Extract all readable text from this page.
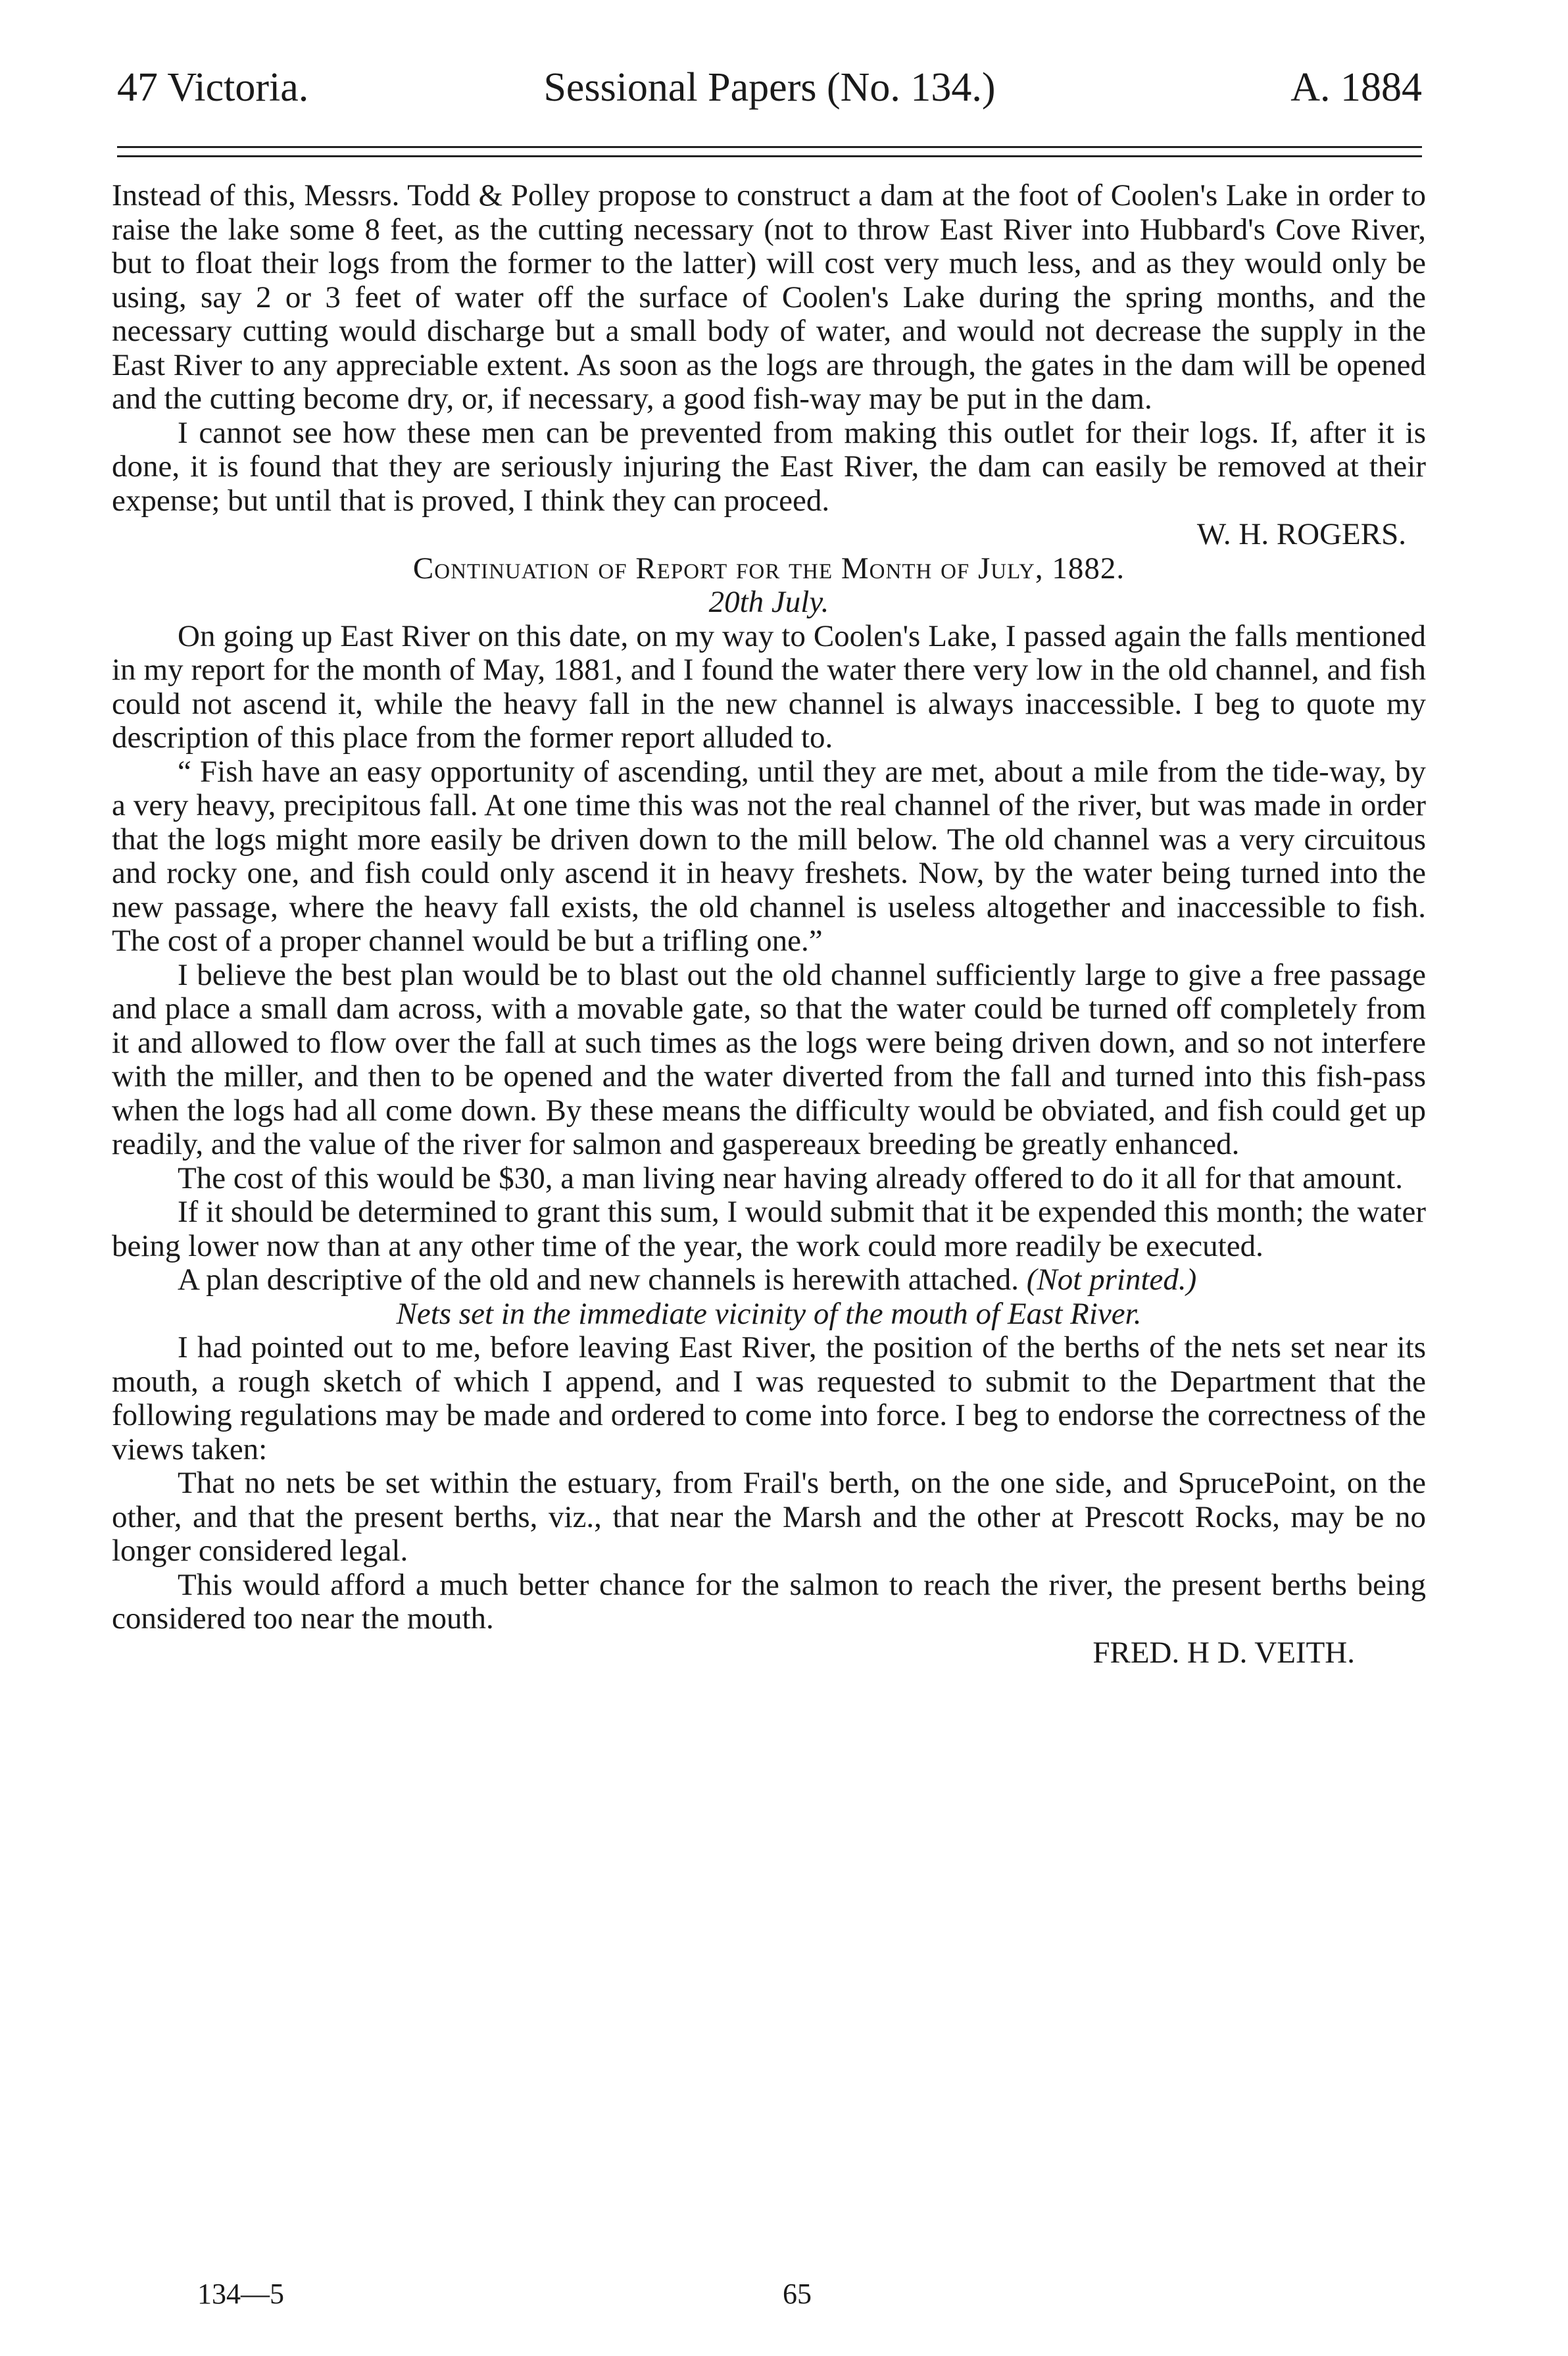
47 Victoria.	Sessional Papers (No. 134.)	A. 1884

Instead of this, Messrs. Todd & Polley propose to construct a dam at the foot of Coolen's Lake in order to raise the lake some 8 feet, as the cutting necessary (not to throw East River into Hubbard's Cove River, but to float their logs from the former to the latter) will cost very much less, and as they would only be using, say 2 or 3 feet of water off the surface of Coolen's Lake during the spring months, and the necessary cutting would discharge but a small body of water, and would not decrease the supply in the East River to any appreciable extent. As soon as the logs are through, the gates in the dam will be opened and the cutting become dry, or, if necessary, a good fish-way may be put in the dam.

I cannot see how these men can be prevented from making this outlet for their logs. If, after it is done, it is found that they are seriously injuring the East River, the dam can easily be removed at their expense; but until that is proved, I think they can proceed.

W. H. ROGERS.

Continuation of Report for the Month of July, 1882.

20th July.

On going up East River on this date, on my way to Coolen's Lake, I passed again the falls mentioned in my report for the month of May, 1881, and I found the water there very low in the old channel, and fish could not ascend it, while the heavy fall in the new channel is always inaccessible. I beg to quote my description of this place from the former report alluded to.

“ Fish have an easy opportunity of ascending, until they are met, about a mile from the tide-way, by a very heavy, precipitous fall. At one time this was not the real channel of the river, but was made in order that the logs might more easily be driven down to the mill below. The old channel was a very circuitous and rocky one, and fish could only ascend it in heavy freshets. Now, by the water being turned into the new passage, where the heavy fall exists, the old channel is useless altogether and inaccessible to fish. The cost of a proper channel would be but a trifling one.”

I believe the best plan would be to blast out the old channel sufficiently large to give a free passage and place a small dam across, with a movable gate, so that the water could be turned off completely from it and allowed to flow over the fall at such times as the logs were being driven down, and so not interfere with the miller, and then to be opened and the water diverted from the fall and turned into this fish-pass when the logs had all come down. By these means the difficulty would be obviated, and fish could get up readily, and the value of the river for salmon and gaspereaux breeding be greatly enhanced.

The cost of this would be $30, a man living near having already offered to do it all for that amount.

If it should be determined to grant this sum, I would submit that it be expended this month; the water being lower now than at any other time of the year, the work could more readily be executed.

A plan descriptive of the old and new channels is herewith attached. (Not printed.)

Nets set in the immediate vicinity of the mouth of East River.

I had pointed out to me, before leaving East River, the position of the berths of the nets set near its mouth, a rough sketch of which I append, and I was requested to submit to the Department that the following regulations may be made and ordered to come into force. I beg to endorse the correctness of the views taken:

That no nets be set within the estuary, from Frail's berth, on the one side, and SprucePoint, on the other, and that the present berths, viz., that near the Marsh and the other at Prescott Rocks, may be no longer considered legal.

This would afford a much better chance for the salmon to reach the river, the present berths being considered too near the mouth.

FRED. H D. VEITH.

134—5	65
